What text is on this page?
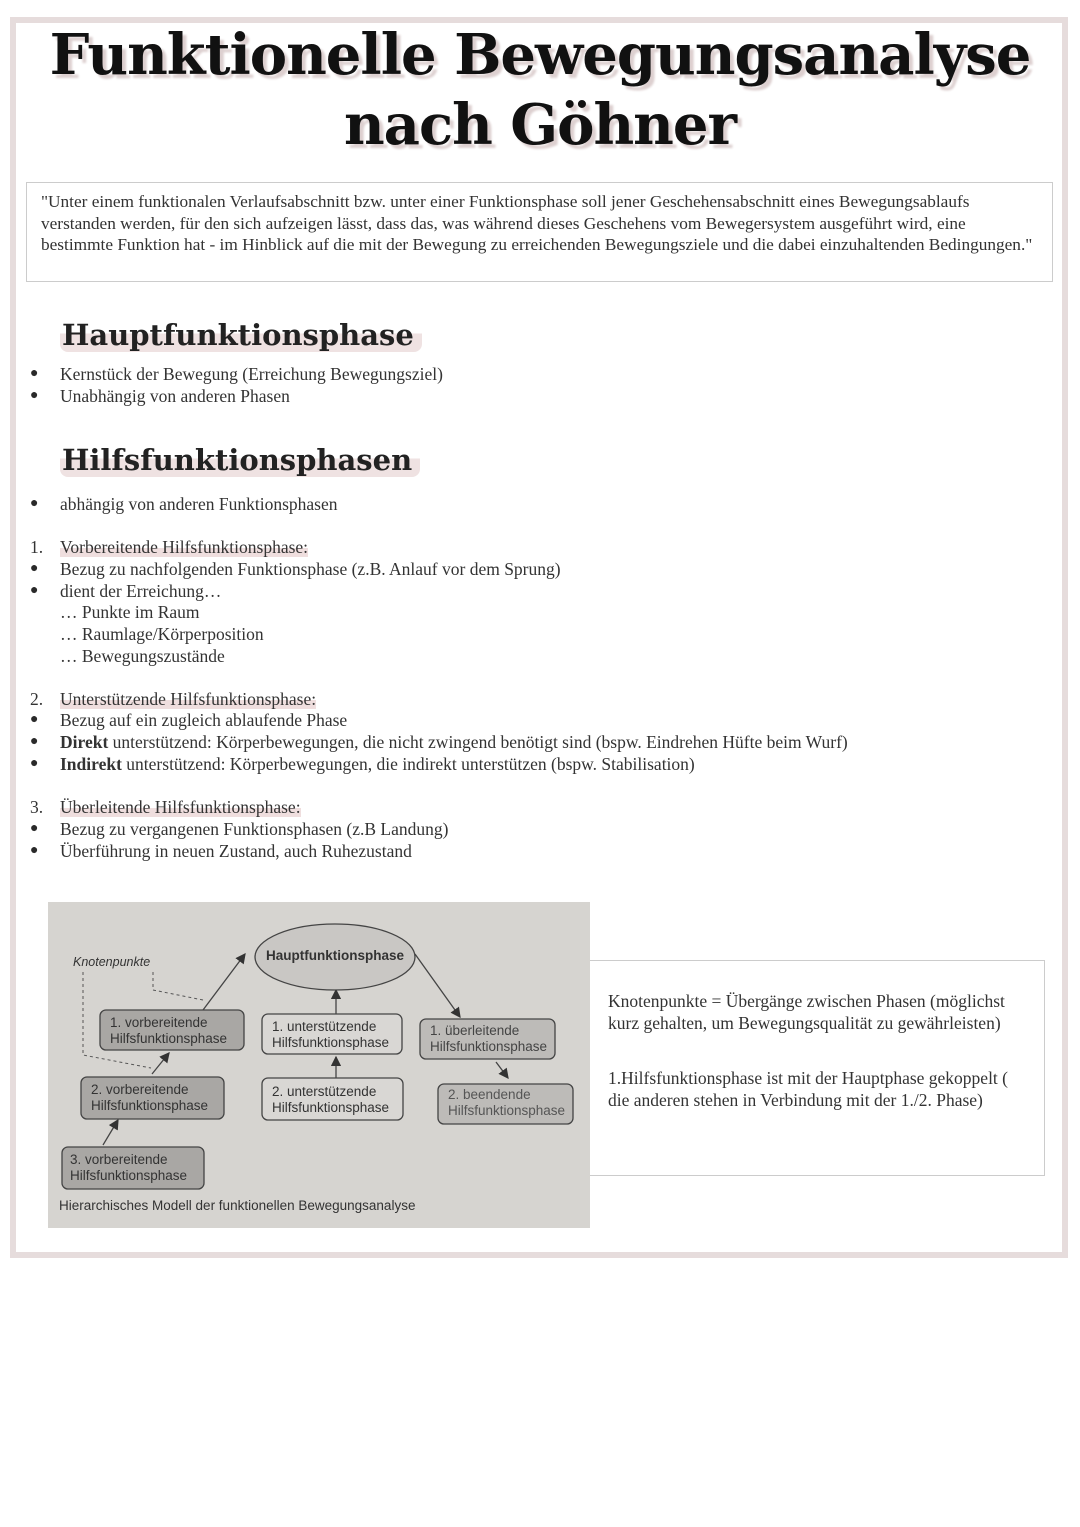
Funktionelle Bewegungsanalyse
nach Göhner
"Unter einem funktionalen Verlaufsabschnitt bzw. unter einer Funktionsphase soll jener Geschehensabschnitt eines Bewegungsablaufs verstanden werden, für den sich aufzeigen lässt, dass das, was während dieses Geschehens vom Bewegersystem ausgeführt wird, eine bestimmte Funktion hat - im Hinblick auf die mit der Bewegung zu erreichenden Bewegungsziele und die dabei einzuhaltenden Bedingungen."
Hauptfunktionsphase
● Kernstück der Bewegung (Erreichung Bewegungsziel)
● Unabhängig von anderen Phasen
Hilfsfunktionsphasen
● abhängig von anderen Funktionsphasen
1. Vorbereitende Hilfsfunktionsphase:
● Bezug zu nachfolgenden Funktionsphase (z.B. Anlauf vor dem Sprung)
● dient der Erreichung…
… Punkte im Raum
… Raumlage/Körperposition
… Bewegungszustände
2. Unterstützende Hilfsfunktionsphase:
● Bezug auf ein zugleich ablaufende Phase
● Direkt unterstützend: Körperbewegungen, die nicht zwingend benötigt sind (bspw. Eindrehen Hüfte beim Wurf)
● Indirekt unterstützend: Körperbewegungen, die indirekt unterstützen (bspw. Stabilisation)
3. Überleitende Hilfsfunktionsphase:
● Bezug zu vergangenen Funktionsphasen (z.B Landung)
● Überführung in neuen Zustand, auch Ruhezustand
Knotenpunkte	Hauptfunktionsphase
1. vorbereitende
Hilfsfunktionsphase
1. unterstützende
Hilfsfunktionsphase
1. überleitende
Hilfsfunktionsphase
2. vorbereitende
Hilfsfunktionsphase
2. unterstützende
Hilfsfunktionsphase
2. beendende
Hilfsfunktionsphase
3. vorbereitende
Hilfsfunktionsphase
Hierarchisches Modell der funktionellen Bewegungsanalyse

Knotenpunkte = Übergänge zwischen Phasen (möglichst kurz gehalten, um Bewegungsqualität zu gewährleisten)

1.Hilfsfunktionsphase ist mit der Hauptphase gekoppelt ( die anderen stehen in Verbindung mit der 1./2. Phase)
